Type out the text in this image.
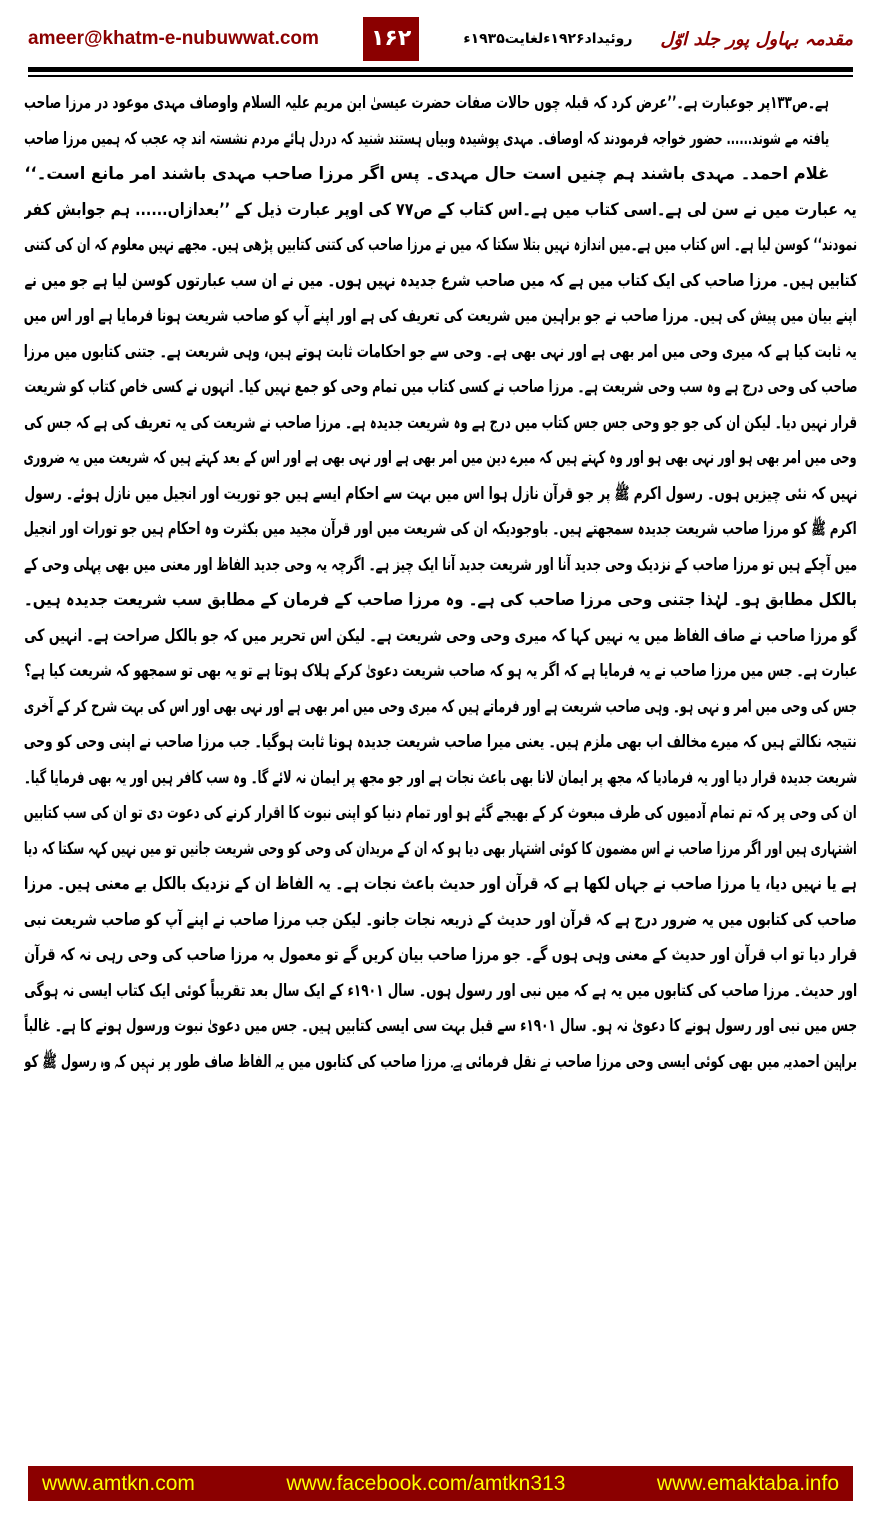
ameer@khatm-e-nubuwwat.com	۱۶۲	مقدمہ بہاول پور جلد اوّل
روئیداد۱۹۲۶ءلغایت۱۹۳۵ء
ہے۔ص۱۳۳پر جوعبارت ہے۔’’عرض کرد کہ قبلہ چوں حالات صفات حضرت عیسیٰ ابن مریم علیہ السلام واوصاف مہدی موعود در مرزا صاحب
یافتہ مے شوند...... حضور خواجہ فرمودند کہ اوصاف۔ مہدی پوشیدہ وبیاں ہستند شنید کہ دردل ہائے مردم نشستہ اند چہ عجب کہ ہمیں مرزا صاحب
غلام احمد۔ مہدی باشند ہم چنیں است حال مہدی۔ پس اگر مرزا صاحب مہدی باشند امر مانع است۔‘‘
یہ عبارت میں نے سن لی ہے۔اسی کتاب میں ہے۔اس کتاب کے ص۷۷ کی اوپر عبارت ذیل کے ’’بعدازاں...... ہم جوابش کفر
نمودند‘‘ کوسن لیا ہے۔ اس کتاب میں ہے۔میں اندازہ نہیں بتلا سکتا کہ میں نے مرزا صاحب کی کتنی کتابیں پڑھی ہیں۔ مجھے نہیں معلوم کہ ان کی کتنی
کتابیں ہیں۔ مرزا صاحب کی ایک کتاب میں ہے کہ میں صاحب شرع جدیدہ نہیں ہوں۔ میں نے ان سب عبارتوں کوسن لیا ہے جو میں نے
اپنے بیان میں پیش کی ہیں۔ مرزا صاحب نے جو براہین میں شریعت کی تعریف کی ہے اور اپنے آپ کو صاحب شریعت ہونا فرمایا ہے اور اس میں
یہ ثابت کیا ہے کہ میری وحی میں امر بھی ہے اور نہی بھی ہے۔ وحی سے جو احکامات ثابت ہوتے ہیں، وہی شریعت ہے۔ جتنی کتابوں میں مرزا
صاحب کی وحی درج ہے وہ سب وحی شریعت ہے۔ مرزا صاحب نے کسی کتاب میں تمام وحی کو جمع نہیں کیا۔ انہوں نے کسی خاص کتاب کو شریعت
قرار نہیں دیا۔ لیکن ان کی جو جو وحی جس جس کتاب میں درج ہے وہ شریعت جدیدہ ہے۔ مرزا صاحب نے شریعت کی یہ تعریف کی ہے کہ جس کی
وحی میں امر بھی ہو اور نہی بھی ہو اور وہ کہتے ہیں کہ میرے دین میں امر بھی ہے اور نہی بھی ہے اور اس کے بعد کہتے ہیں کہ شریعت میں یہ ضروری
نہیں کہ نئی چیزیں ہوں۔ رسول اکرم ﷺ پر جو قرآن نازل ہوا اس میں بہت سے احکام ایسے ہیں جو توریت اور انجیل میں نازل ہوئے۔ رسول
اکرم ﷺ کو مرزا صاحب شریعت جدیدہ سمجھتے ہیں۔ باوجودیکہ ان کی شریعت میں اور قرآن مجید میں بکثرت وہ احکام ہیں جو تورات اور انجیل
میں آچکے ہیں تو مرزا صاحب کے نزدیک وحی جدید آنا اور شریعت جدید آنا ایک چیز ہے۔ اگرچہ یہ وحی جدید الفاظ اور معنی میں بھی پہلی وحی کے
بالکل مطابق ہو۔ لہٰذا جتنی وحی مرزا صاحب کی ہے۔ وہ مرزا صاحب کے فرمان کے مطابق سب شریعت جدیدہ ہیں۔
گو مرزا صاحب نے صاف الفاظ میں یہ نہیں کہا کہ میری وحی وحی شریعت ہے۔ لیکن اس تحریر میں کہ جو بالکل صراحت ہے۔ انہیں کی
عبارت ہے۔ جس میں مرزا صاحب نے یہ فرمایا ہے کہ اگر یہ ہو کہ صاحب شریعت دعویٰ کرکے ہلاک ہوتا ہے تو یہ بھی تو سمجھو کہ شریعت کیا ہے؟
جس کی وحی میں امر و نہی ہو۔ وہی صاحب شریعت ہے اور فرماتے ہیں کہ میری وحی میں امر بھی ہے اور نہی بھی اور اس کی بہت شرح کر کے آخری
نتیجہ نکالتے ہیں کہ میرے مخالف اب بھی ملزم ہیں۔ یعنی میرا صاحب شریعت جدیدہ ہونا ثابت ہوگیا۔ جب مرزا صاحب نے اپنی وحی کو وحی
شریعت جدیدہ قرار دیا اور یہ فرمادیا کہ مجھ پر ایمان لانا بھی باعث نجات ہے اور جو مجھ پر ایمان نہ لائے گا۔ وہ سب کافر ہیں اور یہ بھی فرمایا گیا۔
ان کی وحی پر کہ تم تمام آدمیوں کی طرف مبعوث کر کے بھیجے گئے ہو اور تمام دنیا کو اپنی نبوت کا اقرار کرنے کی دعوت دی تو ان کی سب کتابیں
اشتہاری ہیں اور اگر مرزا صاحب نے اس مضمون کا کوئی اشتہار بھی دیا ہو کہ ان کے مریدان کی وحی کو وحی شریعت جانیں تو میں نہیں کہہ سکتا کہ دیا
ہے یا نہیں دیا، یا مرزا صاحب نے جہاں لکھا ہے کہ قرآن اور حدیث باعث نجات ہے۔ یہ الفاظ ان کے نزدیک بالکل بے معنی ہیں۔ مرزا
صاحب کی کتابوں میں یہ ضرور درج ہے کہ قرآن اور حدیث کے ذریعہ نجات جانو۔ لیکن جب مرزا صاحب نے اپنے آپ کو صاحب شریعت نبی
قرار دیا تو اب قرآن اور حدیث کے معنی وہی ہوں گے۔ جو مرزا صاحب بیان کریں گے تو معمول بہ مرزا صاحب کی وحی رہی نہ کہ قرآن
اور حدیث۔ مرزا صاحب کی کتابوں میں یہ ہے کہ میں نبی اور رسول ہوں۔ سال ۱۹۰۱ء کے ایک سال بعد تقریباً کوئی ایک کتاب ایسی نہ ہوگی
جس میں نبی اور رسول ہونے کا دعویٰ نہ ہو۔ سال ۱۹۰۱ء سے قبل بہت سی ایسی کتابیں ہیں۔ جس میں دعویٰ نبوت ورسول ہونے کا ہے۔ غالباً
براہین احمدیہ میں بھی کوئی ایسی وحی مرزا صاحب نے نقل فرمائی ہے۔ مرزا صاحب کی کتابوں میں یہ الفاظ صاف طور پر نہیں کہ وہ رسول ﷺ کو
www.amtkn.com	www.facebook.com/amtkn313	www.emaktaba.info
